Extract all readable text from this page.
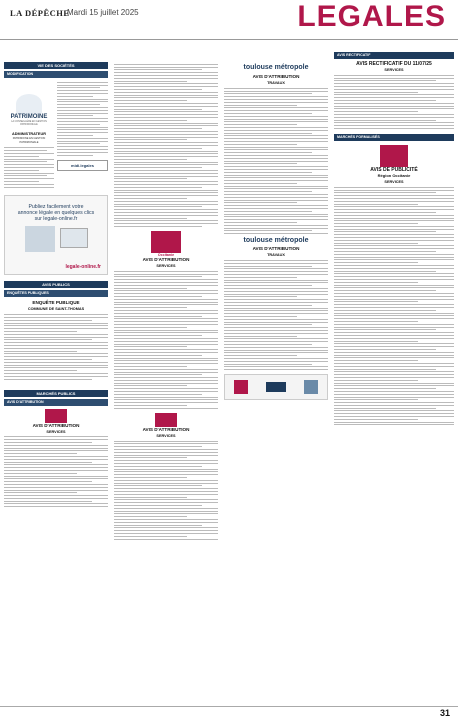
LA DÉPÊCHE
Mardi 15 juillet 2025	LEGALES
VIE DES SOCIÉTÉS
MODIFICATION
PATRIMOINE
LA CONSEILLÈRE EN GESTION PATRIMONIALE
ADMINISTRATEUR
PATRIMOINE EN GESTION PATRIMONIALE
midi.legales
Publiez facilement votre
annonce légale en quelques clics
sur legale-online.fr
legale-online.fr
AVIS PUBLICS
ENQUÊTES PUBLIQUES
ENQUÊTE PUBLIQUE
COMMUNE DE SAINT-THOMAS
MARCHÉS PUBLICS
AVIS D'ATTRIBUTION
AVIS D'ATTRIBUTION
SERVICES
Occitanie
AVIS D'ATTRIBUTION
SERVICES
AVIS D'ATTRIBUTION
SERVICES
toulouse métropole
AVIS D'ATTRIBUTION
TRAVAUX
toulouse métropole
AVIS D'ATTRIBUTION
TRAVAUX
AVIS RECTIFICATIF
AVIS RECTIFICATIF DU 11/07/25
SERVICES
MARCHÉS FORMALISÉS
AVIS DE PUBLICITÉ
Région Occitanie
SERVICES
31
